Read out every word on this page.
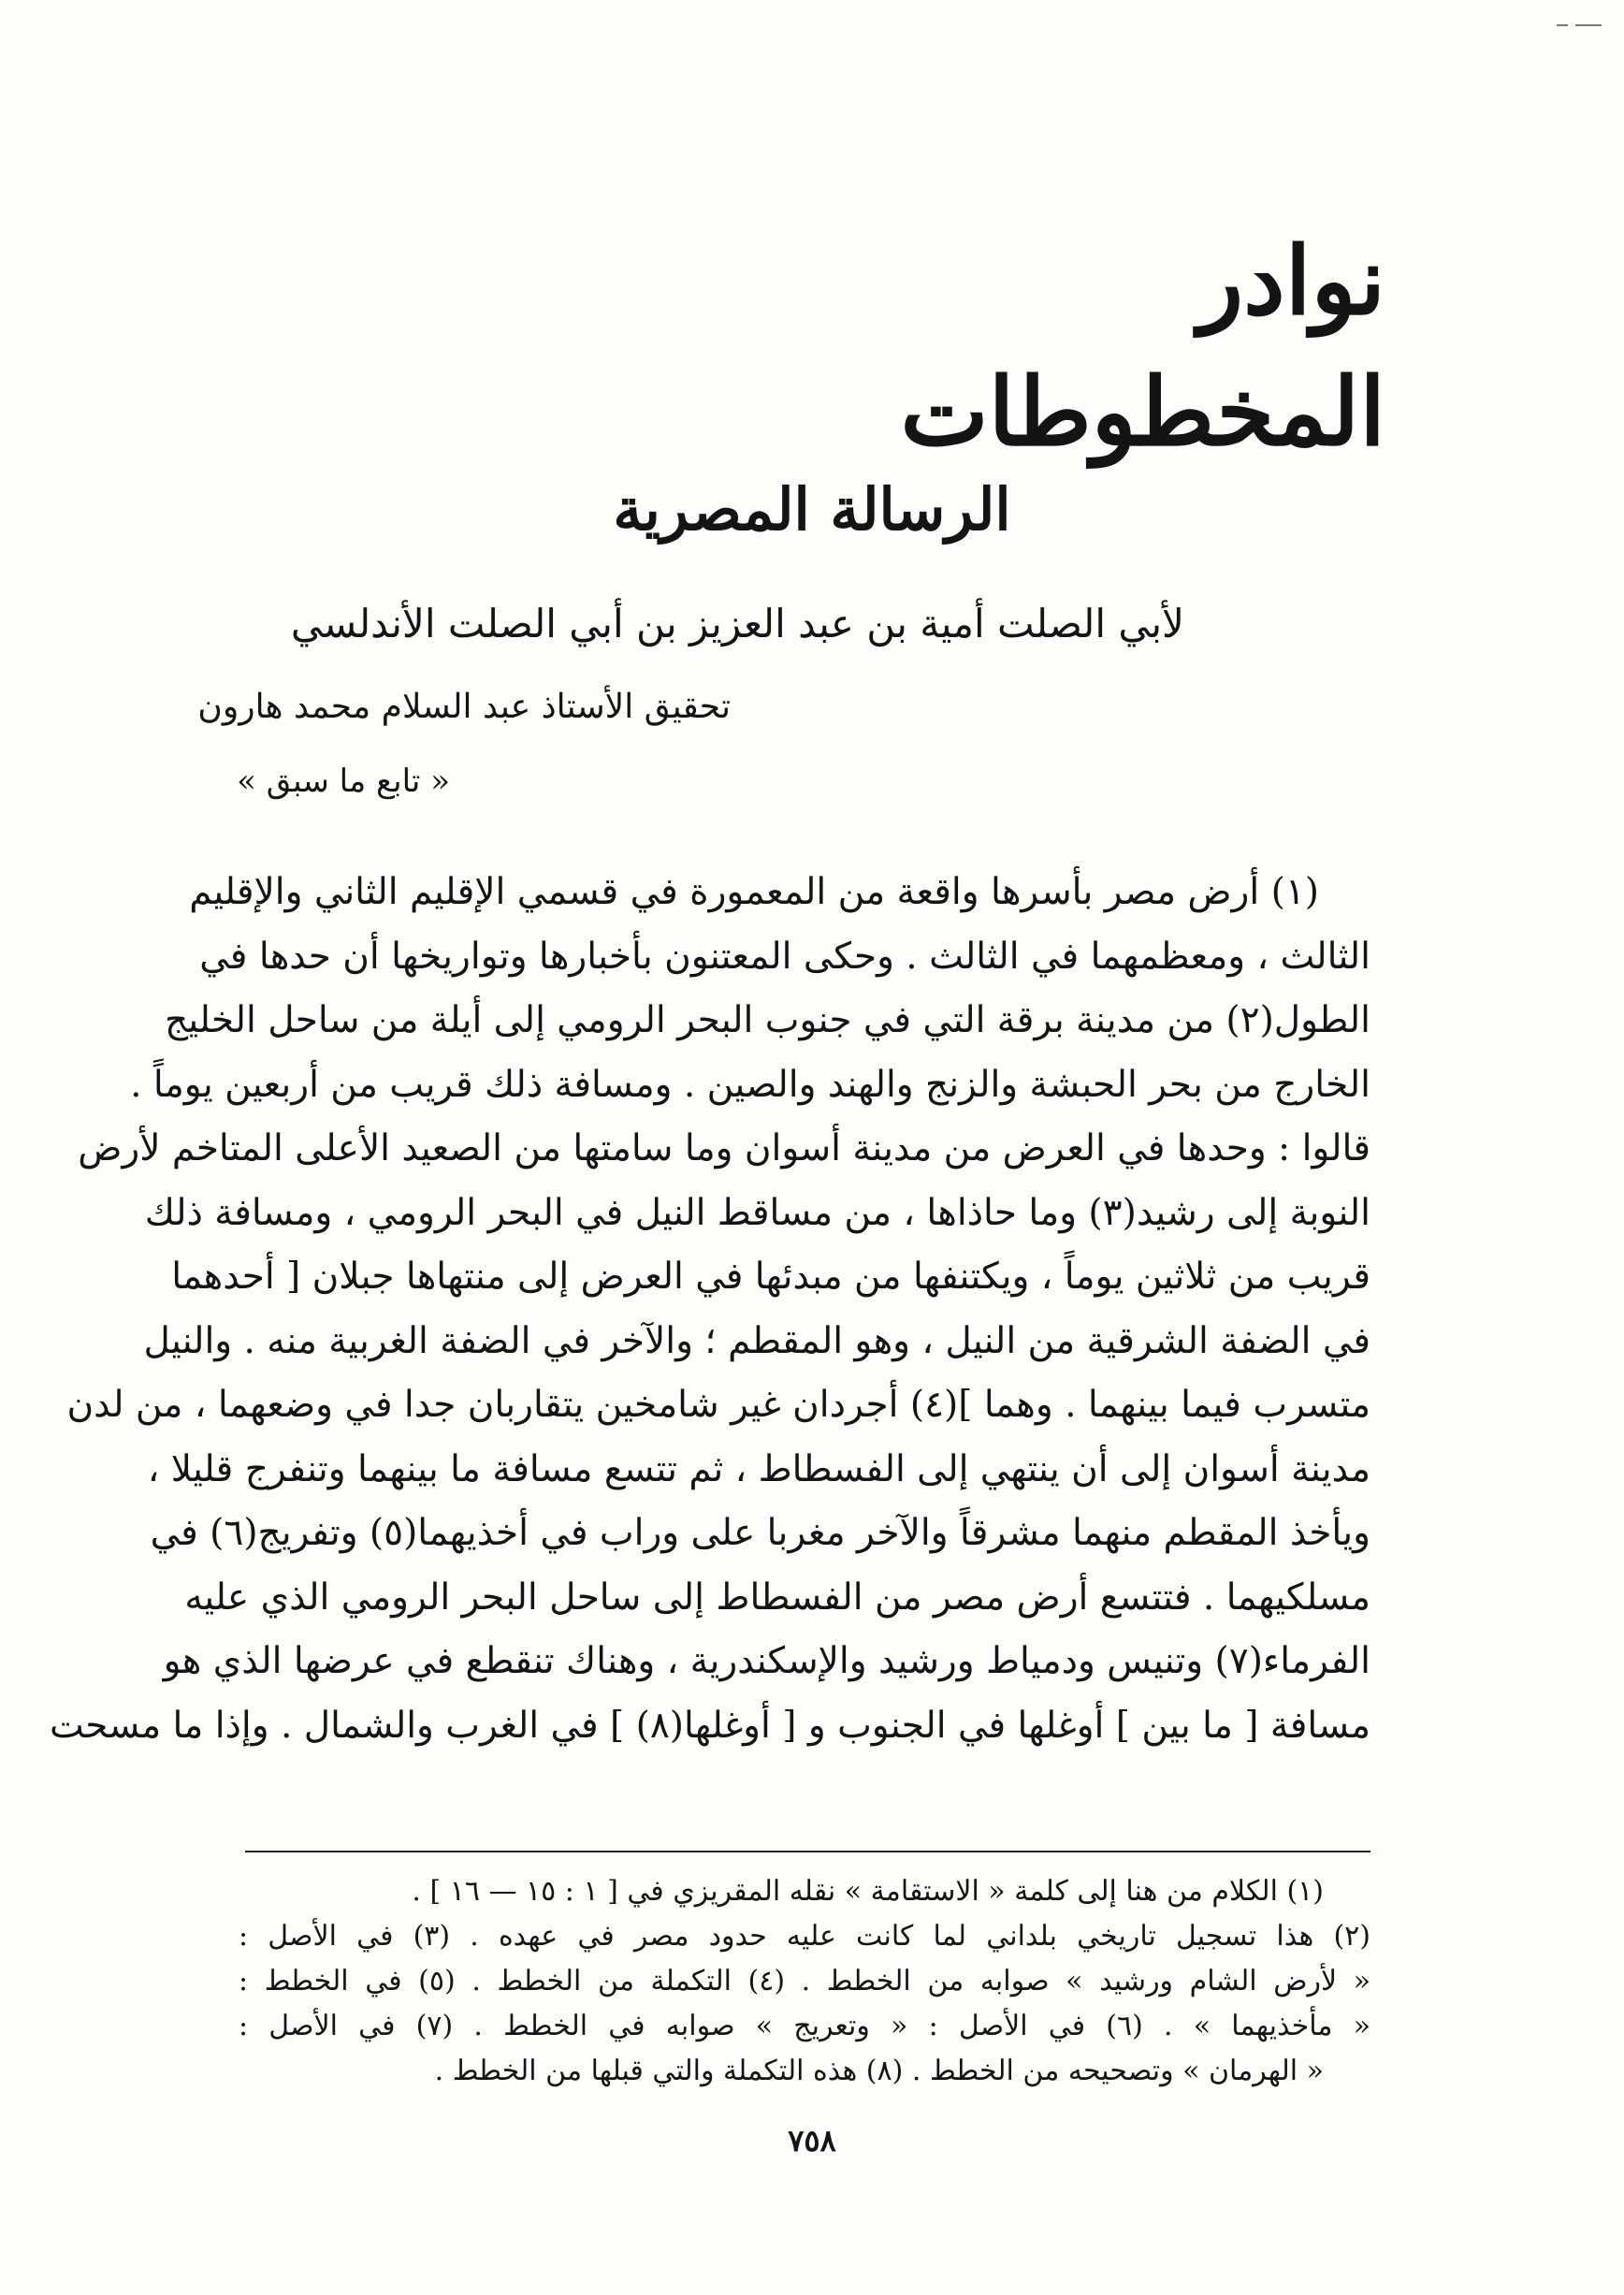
نوادر المخطوطات
الرسالة المصرية
لأبي الصلت أمية بن عبد العزيز بن أبي الصلت الأندلسي
تحقيق الأستاذ عبد السلام محمد هارون
« تابع ما سبق »
(١) أرض مصر بأسرها واقعة من المعمورة في قسمي الإقليم الثاني والإقليم
الثالث ، ومعظمهما في الثالث . وحكى المعتنون بأخبارها وتواريخها أن حدها في
الطول(٢) من مدينة برقة التي في جنوب البحر الرومي إلى أيلة من ساحل الخليج
الخارج من بحر الحبشة والزنج والهند والصين . ومسافة ذلك قريب من أربعين يوماً .
قالوا : وحدها في العرض من مدينة أسوان وما سامتها من الصعيد الأعلى المتاخم لأرض
النوبة إلى رشيد(٣) وما حاذاها ، من مساقط النيل في البحر الرومي ، ومسافة ذلك
قريب من ثلاثين يوماً ، ويكتنفها من مبدئها في العرض إلى منتهاها جبلان [ أحدهما
في الضفة الشرقية من النيل ، وهو المقطم ؛ والآخر في الضفة الغربية منه . والنيل
متسرب فيما بينهما . وهما ](٤) أجردان غير شامخين يتقاربان جدا في وضعهما ، من لدن
مدينة أسوان إلى أن ينتهي إلى الفسطاط ، ثم تتسع مسافة ما بينهما وتنفرج قليلا ،
ويأخذ المقطم منهما مشرقاً والآخر مغربا على وراب في أخذيهما(٥) وتفريج(٦) في
مسلكيهما . فتتسع أرض مصر من الفسطاط إلى ساحل البحر الرومي الذي عليه
الفرماء(٧) وتنيس ودمياط ورشيد والإسكندرية ، وهناك تنقطع في عرضها الذي هو
مسافة [ ما بين ] أوغلها في الجنوب و [ أوغلها(٨) ] في الغرب والشمال . وإذا ما مسحت
(١) الكلام من هنا إلى كلمة « الاستقامة » نقله المقريزي في [ ١ : ١٥ — ١٦ ] .
(٢) هذا تسجيل تاريخي بلداني لما كانت عليه حدود مصر في عهده . (٣) في الأصل :
« لأرض الشام ورشيد » صوابه من الخطط . (٤) التكملة من الخطط . (٥) في الخطط :
« مأخذيهما » . (٦) في الأصل : « وتعريج » صوابه في الخطط . (٧) في الأصل :
« الهرمان » وتصحيحه من الخطط . (٨) هذه التكملة والتي قبلها من الخطط .
٧٥٨
